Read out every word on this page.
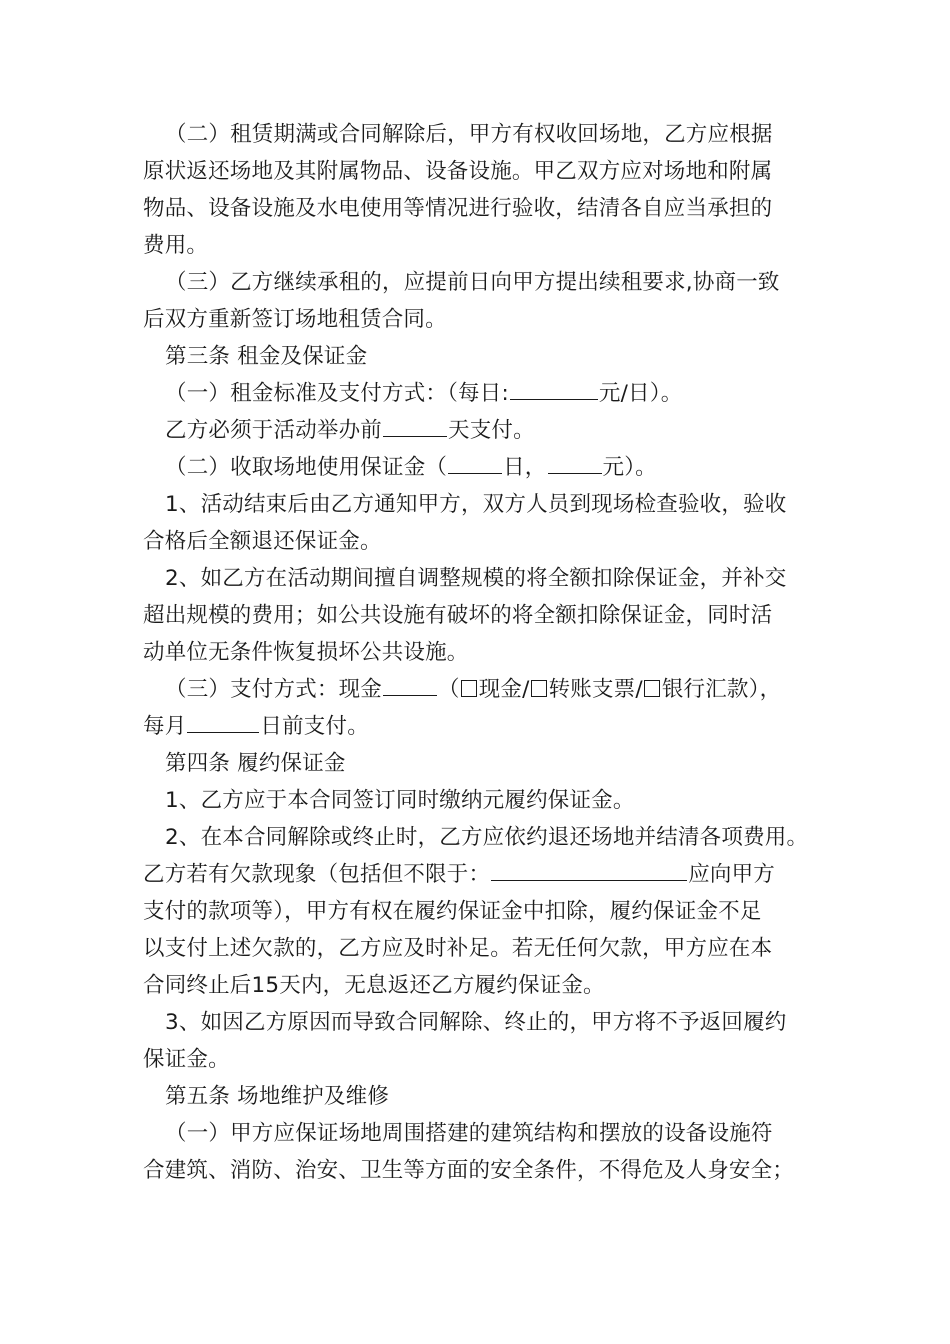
（二）租赁期满或合同解除后，甲方有权收回场地，乙方应根据
原状返还场地及其附属物品、设备设施。甲乙双方应对场地和附属
物品、设备设施及水电使用等情况进行验收，结清各自应当承担的
费用。

（三）乙方继续承租的，应提前日向甲方提出续租要求,协商一致
后双方重新签订场地租赁合同。

第三条 租金及保证金

（一）租金标准及支付方式：（每日:	元/日）。

乙方必须于活动举办前	天支付。

（二）收取场地使用保证金（	日，	元）。

1、活动结束后由乙方通知甲方，双方人员到现场检查验收，验收
合格后全额退还保证金。

2、如乙方在活动期间擅自调整规模的将全额扣除保证金，并补交
超出规模的费用；如公共设施有破坏的将全额扣除保证金，同时活
动单位无条件恢复损坏公共设施。

（三）支付方式：现金	（ 现金/ 转账支票/ 银行汇款），
每月	日前支付。

第四条 履约保证金

1、乙方应于本合同签订同时缴纳元履约保证金。

2、在本合同解除或终止时，乙方应依约退还场地并结清各项费用。
乙方若有欠款现象（包括但不限于：	应向甲方
支付的款项等），甲方有权在履约保证金中扣除，履约保证金不足
以支付上述欠款的，乙方应及时补足。若无任何欠款，甲方应在本
合同终止后15天内，无息返还乙方履约保证金。

3、如因乙方原因而导致合同解除、终止的，甲方将不予返回履约
保证金。

第五条 场地维护及维修

（一）甲方应保证场地周围搭建的建筑结构和摆放的设备设施符
合建筑、消防、治安、卫生等方面的安全条件，不得危及人身安全；
